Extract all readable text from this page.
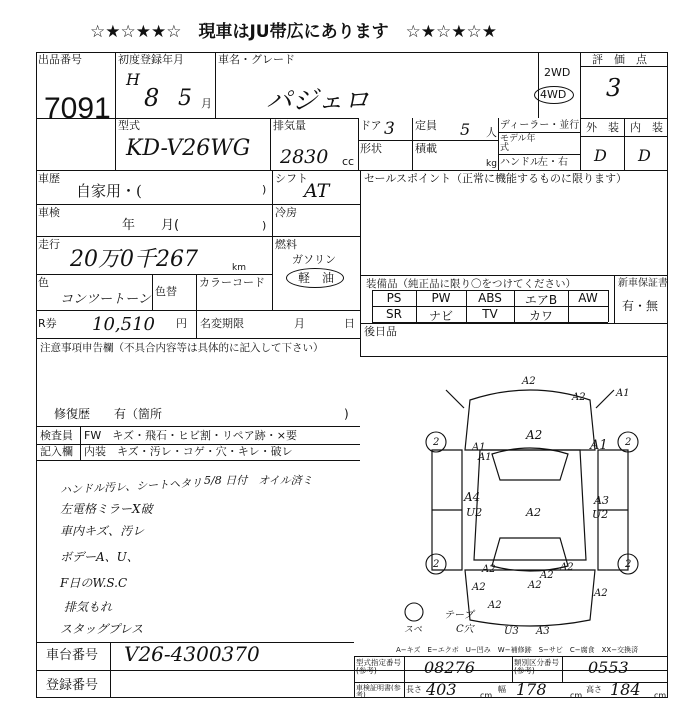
☆★☆★★☆　現車はJU帯広にあります　☆★☆★☆★
出品番号
7091
初度登録年月
H
8 5 月
車名・グレード
パジェロ
型式
KD-V26WG
排気量
2830 cc
ドア 3 定員 5 人
形状	積載
kg
2WD
4WD
ディーラー・並行
モデル年式
ハンドル
左・右
評　価　点
3
外　装 内　装
D D
車歴
自家用・(	)
車検
年　　月(	)
走行
20万0千267	km
色
コンツートーン
色替
カラーコード
シフト
AT
冷房
燃料
ガソリン
軽　油
セールスポイント（正常に機能するものに限ります）
装備品（純正品に限り〇をつけてください）	新車保証書
有・無
PS	PW	ABS	エアB	AW
SR	ナビ	TV	カワ
後日品
R券 10,510 円 名変期限	月	日
注意事項申告欄（不具合内容等は具体的に記入して下さい）
修復歴　　有（箇所	)
検査員
記入欄
FW　キズ・飛石・ヒビ割・リペア跡・×要
内装　キズ・汚レ・コゲ・穴・キレ・破レ
ハンドル汚レ、シートヘタリ
左電格ミラーX破
車内キズ、汚レ
ボデーA、U、
F日のW.S.C
排気もれ
スタッグプレス
5/8 日付　オイル済ミ
A2
A1
A2
A2
A1
A4
U2	A2
A3
U2
A2
A2
A2
U3 A3
A1
A1
A2
A2
A2
A2
2	2
2	2
テープ
C穴
スペ
A−キズ　E−エクボ　U−凹み　W−補修跡　S−サビ　C−腐食　XX−交換済
車台番号 V26-4300370
登録番号
型式指定番号(参考)	08276	類別区分番号(参考)	0553
車検証明書(参考)
長さ 403	cm
幅 178	cm
高さ 184 cm
